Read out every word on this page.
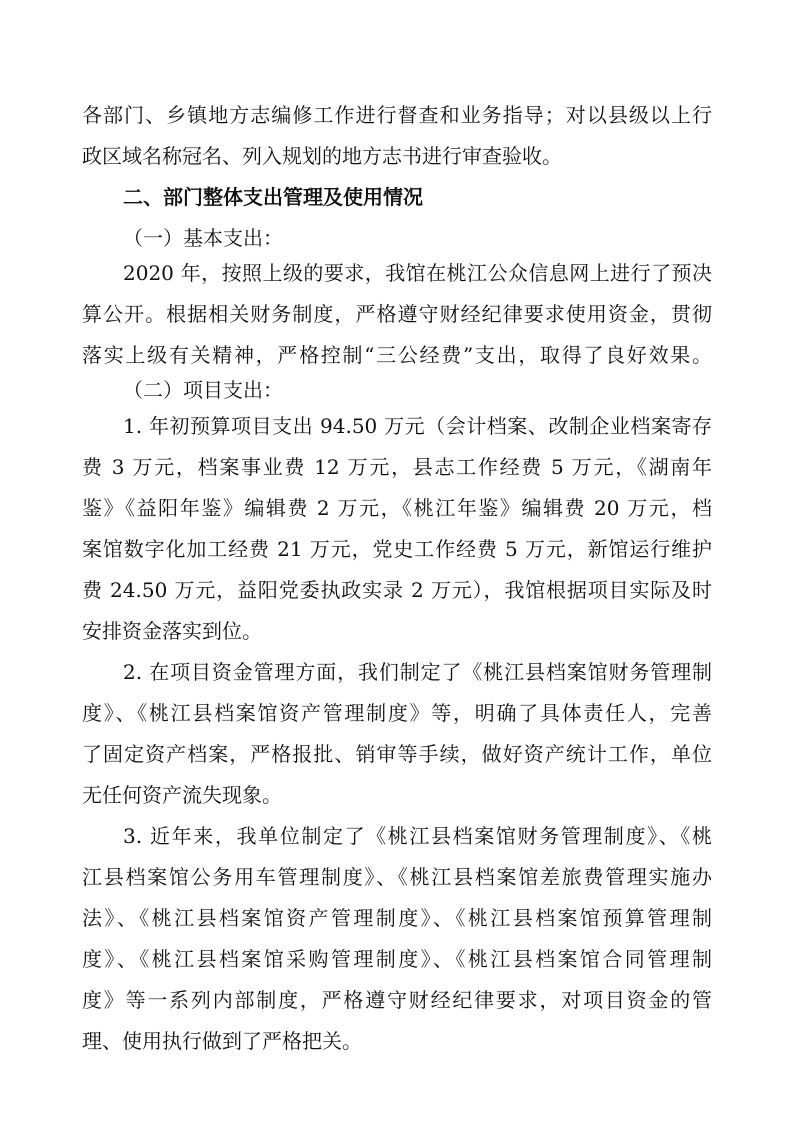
各部门、乡镇地方志编修工作进行督查和业务指导；对以县级以上行
政区域名称冠名、列入规划的地方志书进行审查验收。
二、部门整体支出管理及使用情况
（一）基本支出：
2020 年，按照上级的要求，我馆在桃江公众信息网上进行了预决
算公开。根据相关财务制度，严格遵守财经纪律要求使用资金，贯彻
落实上级有关精神，严格控制“三公经费”支出，取得了良好效果。
（二）项目支出：
1. 年初预算项目支出 94.50 万元（会计档案、改制企业档案寄存
费 3 万元，档案事业费 12 万元，县志工作经费 5 万元，《湖南年
鉴》《益阳年鉴》编辑费 2 万元，《桃江年鉴》编辑费 20 万元，档
案馆数字化加工经费 21 万元，党史工作经费 5 万元，新馆运行维护
费 24.50 万元，益阳党委执政实录 2 万元），我馆根据项目实际及时
安排资金落实到位。
2. 在项目资金管理方面，我们制定了《桃江县档案馆财务管理制
度》、《桃江县档案馆资产管理制度》等，明确了具体责任人，完善
了固定资产档案，严格报批、销审等手续，做好资产统计工作，单位
无任何资产流失现象。
3. 近年来，我单位制定了《桃江县档案馆财务管理制度》、《桃
江县档案馆公务用车管理制度》、《桃江县档案馆差旅费管理实施办
法》、《桃江县档案馆资产管理制度》、《桃江县档案馆预算管理制
度》、《桃江县档案馆采购管理制度》、《桃江县档案馆合同管理制
度》等一系列内部制度，严格遵守财经纪律要求，对项目资金的管
理、使用执行做到了严格把关。
